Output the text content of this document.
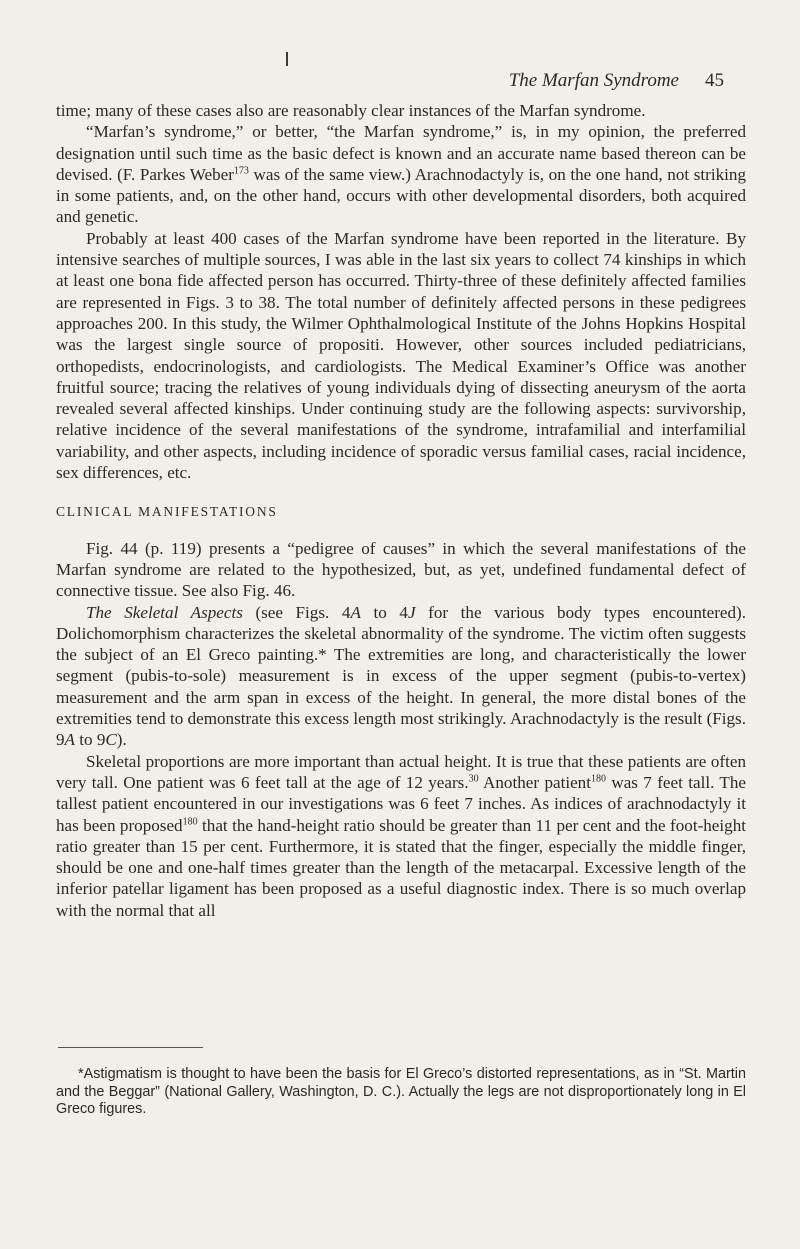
The Marfan Syndrome 45

time; many of these cases also are reasonably clear instances of the Marfan syndrome.

“Marfan’s syndrome,” or better, “the Marfan syndrome,” is, in my opinion, the preferred designation until such time as the basic defect is known and an accurate name based thereon can be devised. (F. Parkes Weber$^{173}$ was of the same view.) Arachnodactyly is, on the one hand, not striking in some patients, and, on the other hand, occurs with other developmental disorders, both acquired and genetic.

Probably at least 400 cases of the Marfan syndrome have been reported in the literature. By intensive searches of multiple sources, I was able in the last six years to collect 74 kinships in which at least one bona fide affected person has occurred. Thirty-three of these definitely affected families are represented in Figs. 3 to 38. The total number of definitely affected persons in these pedigrees approaches 200. In this study, the Wilmer Ophthalmological Institute of the Johns Hopkins Hospital was the largest single source of propositi. However, other sources included pediatricians, orthopedists, endocrinologists, and cardiologists. The Medical Examiner’s Office was another fruitful source; tracing the relatives of young individuals dying of dissecting aneurysm of the aorta revealed several affected kinships. Under continuing study are the following aspects: survivorship, relative incidence of the several manifestations of the syndrome, intrafamilial and interfamilial variability, and other aspects, including incidence of sporadic versus familial cases, racial incidence, sex differences, etc.

CLINICAL MANIFESTATIONS

Fig. 44 (p. 119) presents a “pedigree of causes” in which the several manifestations of the Marfan syndrome are related to the hypothesized, but, as yet, undefined fundamental defect of connective tissue. See also Fig. 46.

The Skeletal Aspects (see Figs. 4A to 4J for the various body types encountered). Dolichomorphism characterizes the skeletal abnormality of the syndrome. The victim often suggests the subject of an El Greco painting.* The extremities are long, and characteristically the lower segment (pubis-to-sole) measurement is in excess of the upper segment (pubis-to-vertex) measurement and the arm span in excess of the height. In general, the more distal bones of the extremities tend to demonstrate this excess length most strikingly. Arachnodactyly is the result (Figs. 9A to 9C).

Skeletal proportions are more important than actual height. It is true that these patients are often very tall. One patient was 6 feet tall at the age of 12 years.$^{30}$ Another patient$^{180}$ was 7 feet tall. The tallest patient encountered in our investigations was 6 feet 7 inches. As indices of arachnodactyly it has been proposed$^{180}$ that the hand-height ratio should be greater than 11 per cent and the foot-height ratio greater than 15 per cent. Furthermore, it is stated that the finger, especially the middle finger, should be one and one-half times greater than the length of the metacarpal. Excessive length of the inferior patellar ligament has been proposed as a useful diagnostic index. There is so much overlap with the normal that all

*Astigmatism is thought to have been the basis for El Greco’s distorted representations, as in “St. Martin and the Beggar” (National Gallery, Washington, D. C.). Actually the legs are not disproportionately long in El Greco figures.
